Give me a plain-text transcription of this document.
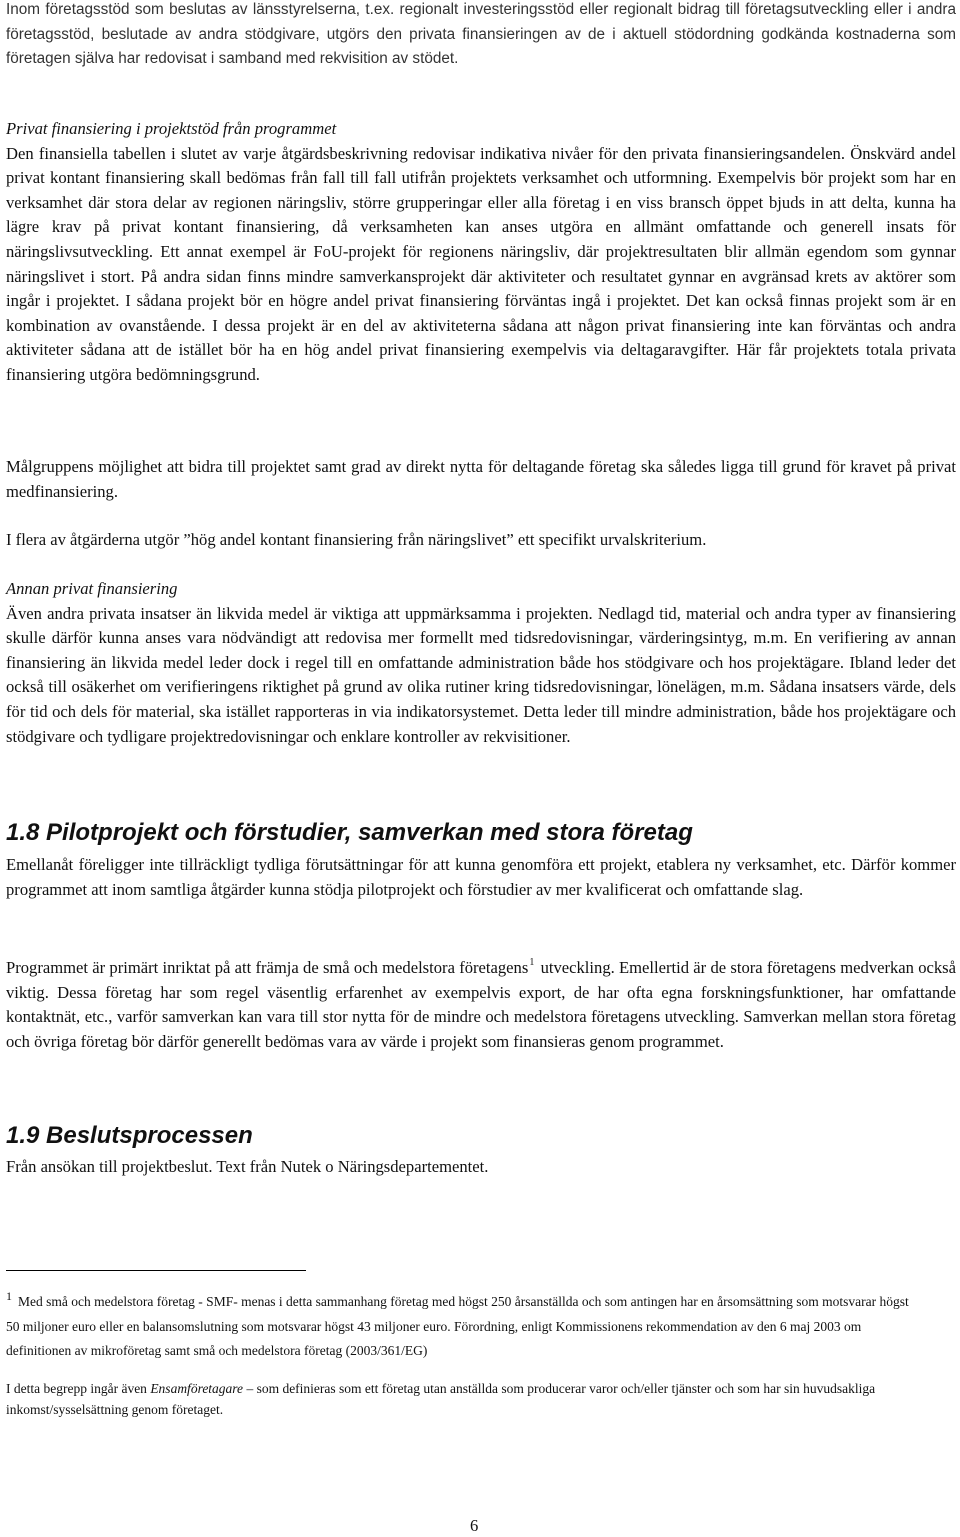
Inom företagsstöd som beslutas av länsstyrelserna, t.ex. regionalt investeringsstöd eller regionalt bidrag till företagsutveckling eller i andra företagsstöd, beslutade av andra stödgivare, utgörs den privata finansieringen av de i aktuell stödordning godkända kostnaderna som företagen själva har redovisat i samband med rekvisition av stödet.

Privat finansiering i projektstöd från programmet

Den finansiella tabellen i slutet av varje åtgärdsbeskrivning redovisar indikativa nivåer för den privata finansieringsandelen. Önskvärd andel privat kontant finansiering skall bedömas från fall till fall utifrån projektets verksamhet och utformning. Exempelvis bör projekt som har en verksamhet där stora delar av regionen näringsliv, större grupperingar eller alla företag i en viss bransch öppet bjuds in att delta, kunna ha lägre krav på privat kontant finansiering, då verksamheten kan anses utgöra en allmänt omfattande och generell insats för näringslivsutveckling. Ett annat exempel är FoU-projekt för regionens näringsliv, där projektresultaten blir allmän egendom som gynnar näringslivet i stort. På andra sidan finns mindre samverkansprojekt där aktiviteter och resultatet gynnar en avgränsad krets av aktörer som ingår i projektet. I sådana projekt bör en högre andel privat finansiering förväntas ingå i projektet. Det kan också finnas projekt som är en kombination av ovanstående. I dessa projekt är en del av aktiviteterna sådana att någon privat finansiering inte kan förväntas och andra aktiviteter sådana att de istället bör ha en hög andel privat finansiering exempelvis via deltagaravgifter. Här får projektets totala privata finansiering utgöra bedömningsgrund.

Målgruppens möjlighet att bidra till projektet samt grad av direkt nytta för deltagande företag ska således ligga till grund för kravet på privat medfinansiering.

I flera av åtgärderna utgör ”hög andel kontant finansiering från näringslivet” ett specifikt urvalskriterium.

Annan privat finansiering

Även andra privata insatser än likvida medel är viktiga att uppmärksamma i projekten. Nedlagd tid, material och andra typer av finansiering skulle därför kunna anses vara nödvändigt att redovisa mer formellt med tidsredovisningar, värderingsintyg, m.m. En verifiering av annan finansiering än likvida medel leder dock i regel till en omfattande administration både hos stödgivare och hos projektägare. Ibland leder det också till osäkerhet om verifieringens riktighet på grund av olika rutiner kring tidsredovisningar, lönelägen, m.m. Sådana insatsers värde, dels för tid och dels för material, ska istället rapporteras in via indikatorsystemet. Detta leder till mindre administration, både hos projektägare och stödgivare och tydligare projektredovisningar och enklare kontroller av rekvisitioner.

1.8 Pilotprojekt och förstudier, samverkan med stora företag

Emellanåt föreligger inte tillräckligt tydliga förutsättningar för att kunna genomföra ett projekt, etablera ny verksamhet, etc. Därför kommer programmet att inom samtliga åtgärder kunna stödja pilotprojekt och förstudier av mer kvalificerat och omfattande slag.

Programmet är primärt inriktat på att främja de små och medelstora företagens$^1$ utveckling. Emellertid är de stora företagens medverkan också viktig. Dessa företag har som regel väsentlig erfarenhet av exempelvis export, de har ofta egna forskningsfunktioner, har omfattande kontaktnät, etc., varför samverkan kan vara till stor nytta för de mindre och medelstora företagens utveckling. Samverkan mellan stora företag och övriga företag bör därför generellt bedömas vara av värde i projekt som finansieras genom programmet.

1.9 Beslutsprocessen

Från ansökan till projektbeslut. Text från Nutek o Näringsdepartementet.

1 Med små och medelstora företag - SMF- menas i detta sammanhang företag med högst 250 årsanställda och som antingen har en årsomsättning som motsvarar högst 50 miljoner euro eller en balansomslutning som motsvarar högst 43 miljoner euro. Förordning, enligt Kommissionens rekommendation av den 6 maj 2003 om definitionen av mikroföretag samt små och medelstora företag (2003/361/EG)
I detta begrepp ingår även Ensamföretagare – som definieras som ett företag utan anställda som producerar varor och/eller tjänster och som har sin huvudsakliga inkomst/sysselsättning genom företaget.
6
